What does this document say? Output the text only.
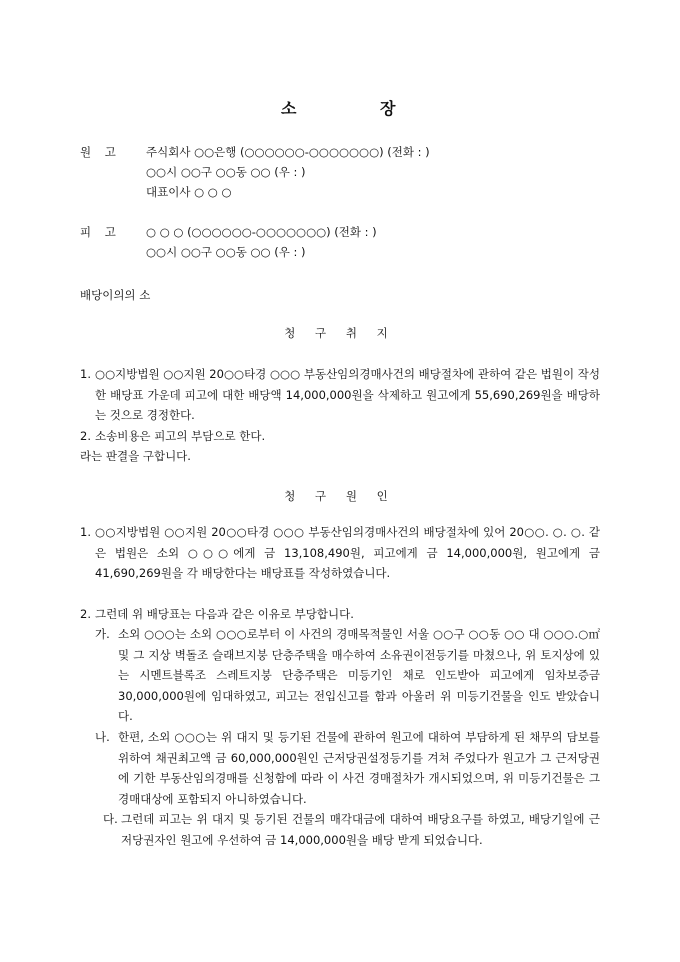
소	장
원 고	주식회사 ○○은행 (○○○○○○-○○○○○○○) (전화 : )
○○시 ○○구 ○○동 ○○ (우 : )
대표이사 ○ ○ ○
피 고	○ ○ ○ (○○○○○○-○○○○○○○) (전화 : )
○○시 ○○구 ○○동 ○○ (우 : )
배당이의의 소
청 구 취 지
1. ○○지방법원 ○○지원 20○○타경 ○○○ 부동산임의경매사건의 배당절차에 관하여 같은 법원이 작성한 배당표 가운데 피고에 대한 배당액 14,000,000원을 삭제하고 원고에게 55,690,269원을 배당하는 것으로 경정한다.
2. 소송비용은 피고의 부담으로 한다.
라는 판결을 구합니다.
청 구 원 인
1. ○○지방법원 ○○지원 20○○타경 ○○○ 부동산임의경매사건의 배당절차에 있어 20○○. ○. ○. 같은 법원은 소외 ○○○에게 금 13,108,490원, 피고에게 금 14,000,000원, 원고에게 금 41,690,269원을 각 배당한다는 배당표를 작성하였습니다.
2. 그런데 위 배당표는 다음과 같은 이유로 부당합니다.
가. 소외 ○○○는 소외 ○○○로부터 이 사건의 경매목적물인 서울 ○○구 ○○동 ○○ 대 ○○○.○㎡ 및 그 지상 벽돌조 슬래브지붕 단층주택을 매수하여 소유권이전등기를 마쳤으나, 위 토지상에 있는 시멘트블록조 스레트지붕 단층주택은 미등기인 채로 인도받아 피고에게 임차보증금 30,000,000원에 임대하였고, 피고는 전입신고를 함과 아울러 위 미등기건물을 인도 받았습니다.
나. 한편, 소외 ○○○는 위 대지 및 등기된 건물에 관하여 원고에 대하여 부담하게 된 채무의 담보를 위하여 채권최고액 금 60,000,000원인 근저당권설정등기를 겨쳐 주었다가 원고가 그 근저당권에 기한 부동산임의경매를 신청함에 따라 이 사건 경매절차가 개시되었으며, 위 미등기건물은 그 경매대상에 포함되지 아니하였습니다.
다. 그런데 피고는 위 대지 및 등기된 건물의 매각대금에 대하여 배당요구를 하였고, 배당기일에 근저당권자인 원고에 우선하여 금 14,000,000원을 배당 받게 되었습니다.
